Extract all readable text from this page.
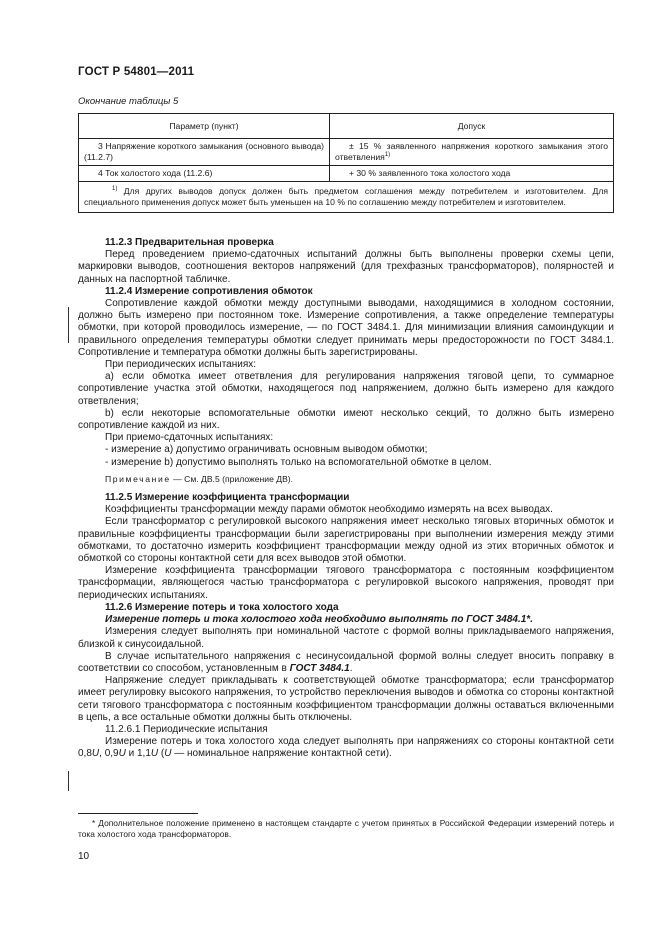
ГОСТ Р 54801—2011
Окончание таблицы 5
Параметр (пункт)	Допуск

3 Напряжение короткого замыкания (основного вывода) (11.2.7)	± 15 % заявленного напряжения короткого замыкания этого ответвления$^{1)}$

4 Ток холостого хода (11.2.6)	+ 30 % заявленного тока холостого хода

$^{1)}$ Для других выводов допуск должен быть предметом соглашения между потребителем и изготовителем. Для специального применения допуск может быть уменьшен на 10 % по соглашению между потребителем и изготовителем.	

11.2.3 Предварительная проверка

Перед проведением приемо-сдаточных испытаний должны быть выполнены проверки схемы цепи, маркировки выводов, соотношения векторов напряжений (для трехфазных трансформаторов), полярностей и данных на паспортной табличке.

11.2.4 Измерение сопротивления обмоток

Сопротивление каждой обмотки между доступными выводами, находящимися в холодном состоянии, должно быть измерено при постоянном токе. Измерение сопротивления, а также определение температуры обмотки, при которой проводилось измерение, — по ГОСТ 3484.1. Для минимизации влияния самоиндукции и правильного определения температуры обмотки следует принимать меры предосторожности по ГОСТ 3484.1. Сопротивление и температура обмотки должны быть зарегистрированы.

При периодических испытаниях:

a) если обмотка имеет ответвления для регулирования напряжения тяговой цепи, то суммарное сопротивление участка этой обмотки, находящегося под напряжением, должно быть измерено для каждого ответвления;

b) если некоторые вспомогательные обмотки имеют несколько секций, то должно быть измерено сопротивление каждой из них.

При приемо-сдаточных испытаниях:

- измерение a) допустимо ограничивать основным выводом обмотки;

- измерение b) допустимо выполнять только на вспомогательной обмотке в целом.

Примечание — См. ДВ.5 (приложение ДВ).

11.2.5 Измерение коэффициента трансформации

Коэффициенты трансформации между парами обмоток необходимо измерять на всех выводах.

Если трансформатор с регулировкой высокого напряжения имеет несколько тяговых вторичных обмоток и правильные коэффициенты трансформации были зарегистрированы при выполнении измерения между этими обмотками, то достаточно измерить коэффициент трансформации между одной из этих вторичных обмоток и обмоткой со стороны контактной сети для всех выводов этой обмотки.

Измерение коэффициента трансформации тягового трансформатора с постоянным коэффициентом трансформации, являющегося частью трансформатора с регулировкой высокого напряжения, проводят при периодических испытаниях.

11.2.6 Измерение потерь и тока холостого хода

Измерение потерь и тока холостого хода необходимо выполнять по ГОСТ 3484.1*.

Измерения следует выполнять при номинальной частоте с формой волны прикладываемого напряжения, близкой к синусоидальной.

В случае испытательного напряжения с несинусоидальной формой волны следует вносить поправку в соответствии со способом, установленным в ГОСТ 3484.1.

Напряжение следует прикладывать к соответствующей обмотке трансформатора; если трансформатор имеет регулировку высокого напряжения, то устройство переключения выводов и обмотка со стороны контактной сети тягового трансформатора с постоянным коэффициентом трансформации должны оставаться включенными в цепь, а все остальные обмотки должны быть отключены.

11.2.6.1 Периодические испытания

Измерение потерь и тока холостого хода следует выполнять при напряжениях со стороны контактной сети 0,8U, 0,9U и 1,1U (U — номинальное напряжение контактной сети).

* Дополнительное положение применено в настоящем стандарте с учетом принятых в Российской Федерации измерений потерь и тока холостого хода трансформаторов.
10
